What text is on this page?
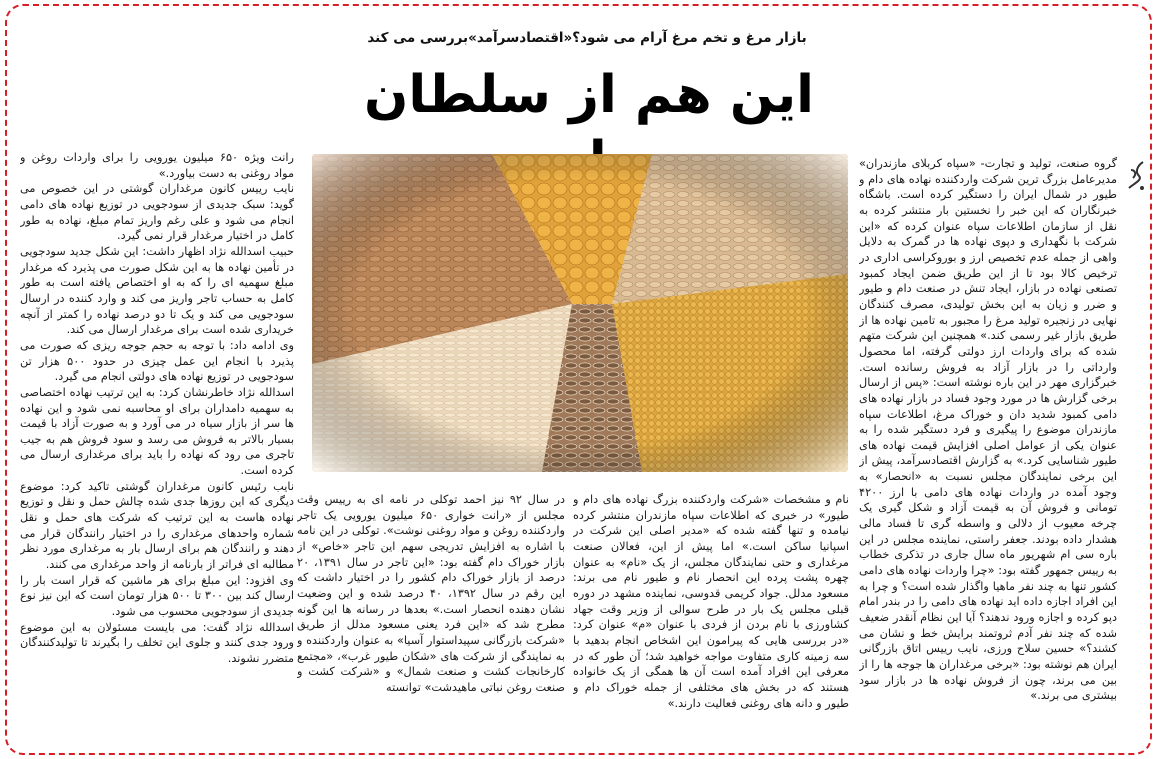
بازار مرغ و تخم مرغ آرام می شود؟«اقتصادسرآمد»بررسی می کند
این هم از سلطان

گروه صنعت، تولید و تجارت- «سپاه کربلای مازندران» مدیرعامل بزرگ ترین شرکت واردکننده نهاده های دام و طیور در شمال ایران را دستگیر کرده است. باشگاه خبرنگاران که این خبر را نخستین بار منتشر کرده به نقل از سازمان اطلاعات سپاه عنوان کرده که «این شرکت با نگهداری و دپوی نهاده ها در گمرک به دلایل واهی از جمله عدم تخصیص ارز و بوروکراسی اداری در ترخیص کالا بود تا از این طریق ضمن ایجاد کمبود تصنعی نهاده در بازار، ایجاد تنش در صنعت دام و طیور و ضرر و زیان به این بخش تولیدی، مصرف کنندگان نهایی در زنجیره تولید مرغ را مجبور به تامین نهاده ها از طریق بازار غیر رسمی کند.» همچنین این شرکت متهم شده که برای واردات ارز دولتی گرفته، اما محصول وارداتی را در بازار آزاد به فروش رسانده است. خبرگزاری مهر در این باره نوشته است: «پس از ارسال برخی گزارش ها در مورد وجود فساد در بازار نهاده های دامی کمبود شدید دان و خوراک مرغ، اطلاعات سپاه مازندران موضوع را پیگیری و فرد دستگیر شده را به عنوان یکی از عوامل اصلی افزایش قیمت نهاده های طیور شناسایی کرد.» به گزارش اقتصادسرآمد، پیش از این برخی نمایندگان مجلس نسبت به «انحصار» به وجود آمده در واردات نهاده های دامی با ارز ۴۲۰۰ تومانی و فروش آن به قیمت آزاد و شکل گیری یک چرخه معیوب از دلالی و واسطه گری تا فساد مالی هشدار داده بودند. جعفر راستی، نماینده مجلس در این باره سی ام شهریور ماه سال جاری در تذکری خطاب به رییس جمهور گفته بود: «چرا واردات نهاده های دامی کشور تنها به چند نفر ماهیا واگذار شده است؟ و چرا به این افراد اجازه داده اید نهاده های دامی را در بندر امام دپو کرده و اجازه ورود ندهند؟ آیا این نظام آنقدر ضعیف شده که چند نفر آدم ثروتمند برایش خط و نشان می کشند؟» حسین سلاح ورزی، نایب رییس اتاق بازرگانی ایران هم نوشته بود: «برخی مرغداران ها جوجه ها را از بین می برند، چون از فروش نهاده ها در بازار سود بیشتری می برند.»

نام و مشخصات «شرکت واردکننده بزرگ نهاده های دام و طیور» در خبری که اطلاعات سپاه مازندران منتشر کرده نیامده و تنها گفته شده که «مدیر اصلی این شرکت در اسپانیا ساکن است.» اما پیش از این، فعالان صنعت مرغداری و حتی نمایندگان مجلس، از یک «نام» به عنوان چهره پشت پرده این انحصار نام و طیور نام می برند: مسعود مدلل. جواد کریمی قدوسی، نماینده مشهد در دوره قبلی مجلس یک بار در طرح سوالی از وزیر وقت جهاد کشاورزی با نام بردن از فردی با عنوان «م» عنوان کرد: «در بررسی هایی که پیرامون این اشخاص انجام بدهید با سه زمینه کاری متفاوت مواجه خواهید شد؛ آن طور که در معرفی این افراد آمده است آن ها همگی از یک خانواده هستند که در بخش های مختلفی از جمله خوراک دام و طیور و دانه های روغنی فعالیت دارند.»

در سال ۹۲ نیز احمد توکلی در نامه ای به رییس وقت مجلس از «رانت خواری ۶۵۰ میلیون یورویی یک تاجر واردکننده روغن و مواد روغنی نوشت». توکلی در این نامه با اشاره به افزایش تدریجی سهم این تاجر «خاص» از بازار خوراک دام گفته بود: «این تاجر در سال ۱۳۹۱، ۲۰ درصد از بازار خوراک دام کشور را در اختیار داشت که این رقم در سال ۱۳۹۲، ۴۰ درصد شده و این وضعیت نشان دهنده انحصار است.» بعدها در رسانه ها این گونه مطرح شد که «این فرد یعنی مسعود مدلل از طریق «شرکت بازرگانی سپیداستوار آسیا» به عنوان واردکننده و به نمایندگی از شرکت های «شکان طیور غرب»، «مجتمع کارخانجات کشت و صنعت شمال» و «شرکت کشت و صنعت روغن نباتی ماهیدشت» توانسته

رانت ویژه ۶۵۰ میلیون یورویی را برای واردات روغن و مواد روغنی به دست بیاورد.»

نایب رییس کانون مرغداران گوشتی در این خصوص می گوید: سبک جدیدی از سودجویی در توزیع نهاده های دامی انجام می شود و علی رغم واریز تمام مبلغ، نهاده به طور کامل در اختیار مرغدار قرار نمی گیرد.

حبیب اسدالله نژاد اظهار داشت: این شکل جدید سودجویی در تأمین نهاده ها به این شکل صورت می پذیرد که مرغدار مبلغ سهمیه ای را که به او اختصاص یافته است به طور کامل به حساب تاجر واریز می کند و وارد کننده در ارسال سودجویی می کند و یک تا دو درصد نهاده را کمتر از آنچه خریداری شده است برای مرغدار ارسال می کند.

وی ادامه داد: با توجه به حجم جوجه ریزی که صورت می پذیرد با انجام این عمل چیزی در حدود ۵۰۰ هزار تن سودجویی در توزیع نهاده های دولتی انجام می گیرد.

اسدالله نژاد خاطرنشان کرد: به این ترتیب نهاده اختصاصی به سهمیه دامداران برای او محاسبه نمی شود و این نهاده ها سر از بازار سیاه در می آورد و به صورت آزاد با قیمت بسیار بالاتر به فروش می رسد و سود فروش هم به جیب تاجری می رود که نهاده را باید برای مرغداری ارسال می کرده است.

نایب رئیس کانون مرغداران گوشتی تاکید کرد: موضوع دیگری که این روزها جدی شده چالش حمل و نقل و توزیع نهاده هاست به این ترتیب که شرکت های حمل و نقل شماره واحدهای مرغداری را در اختیار رانندگان قرار می دهند و رانندگان هم برای ارسال بار به مرغداری مورد نظر مطالبه ای فراتر از بارنامه از واحد مرغداری می کنند.

وی افزود: این مبلغ برای هر ماشین که قرار است بار را ارسال کند بین ۳۰۰ تا ۵۰۰ هزار تومان است که این نیز نوع جدیدی از سودجویی محسوب می شود.

اسدالله نژاد گفت: می بایست مسئولان به این موضوع ورود جدی کنند و جلوی این تخلف را بگیرند تا تولیدکنندگان متضرر نشوند.
